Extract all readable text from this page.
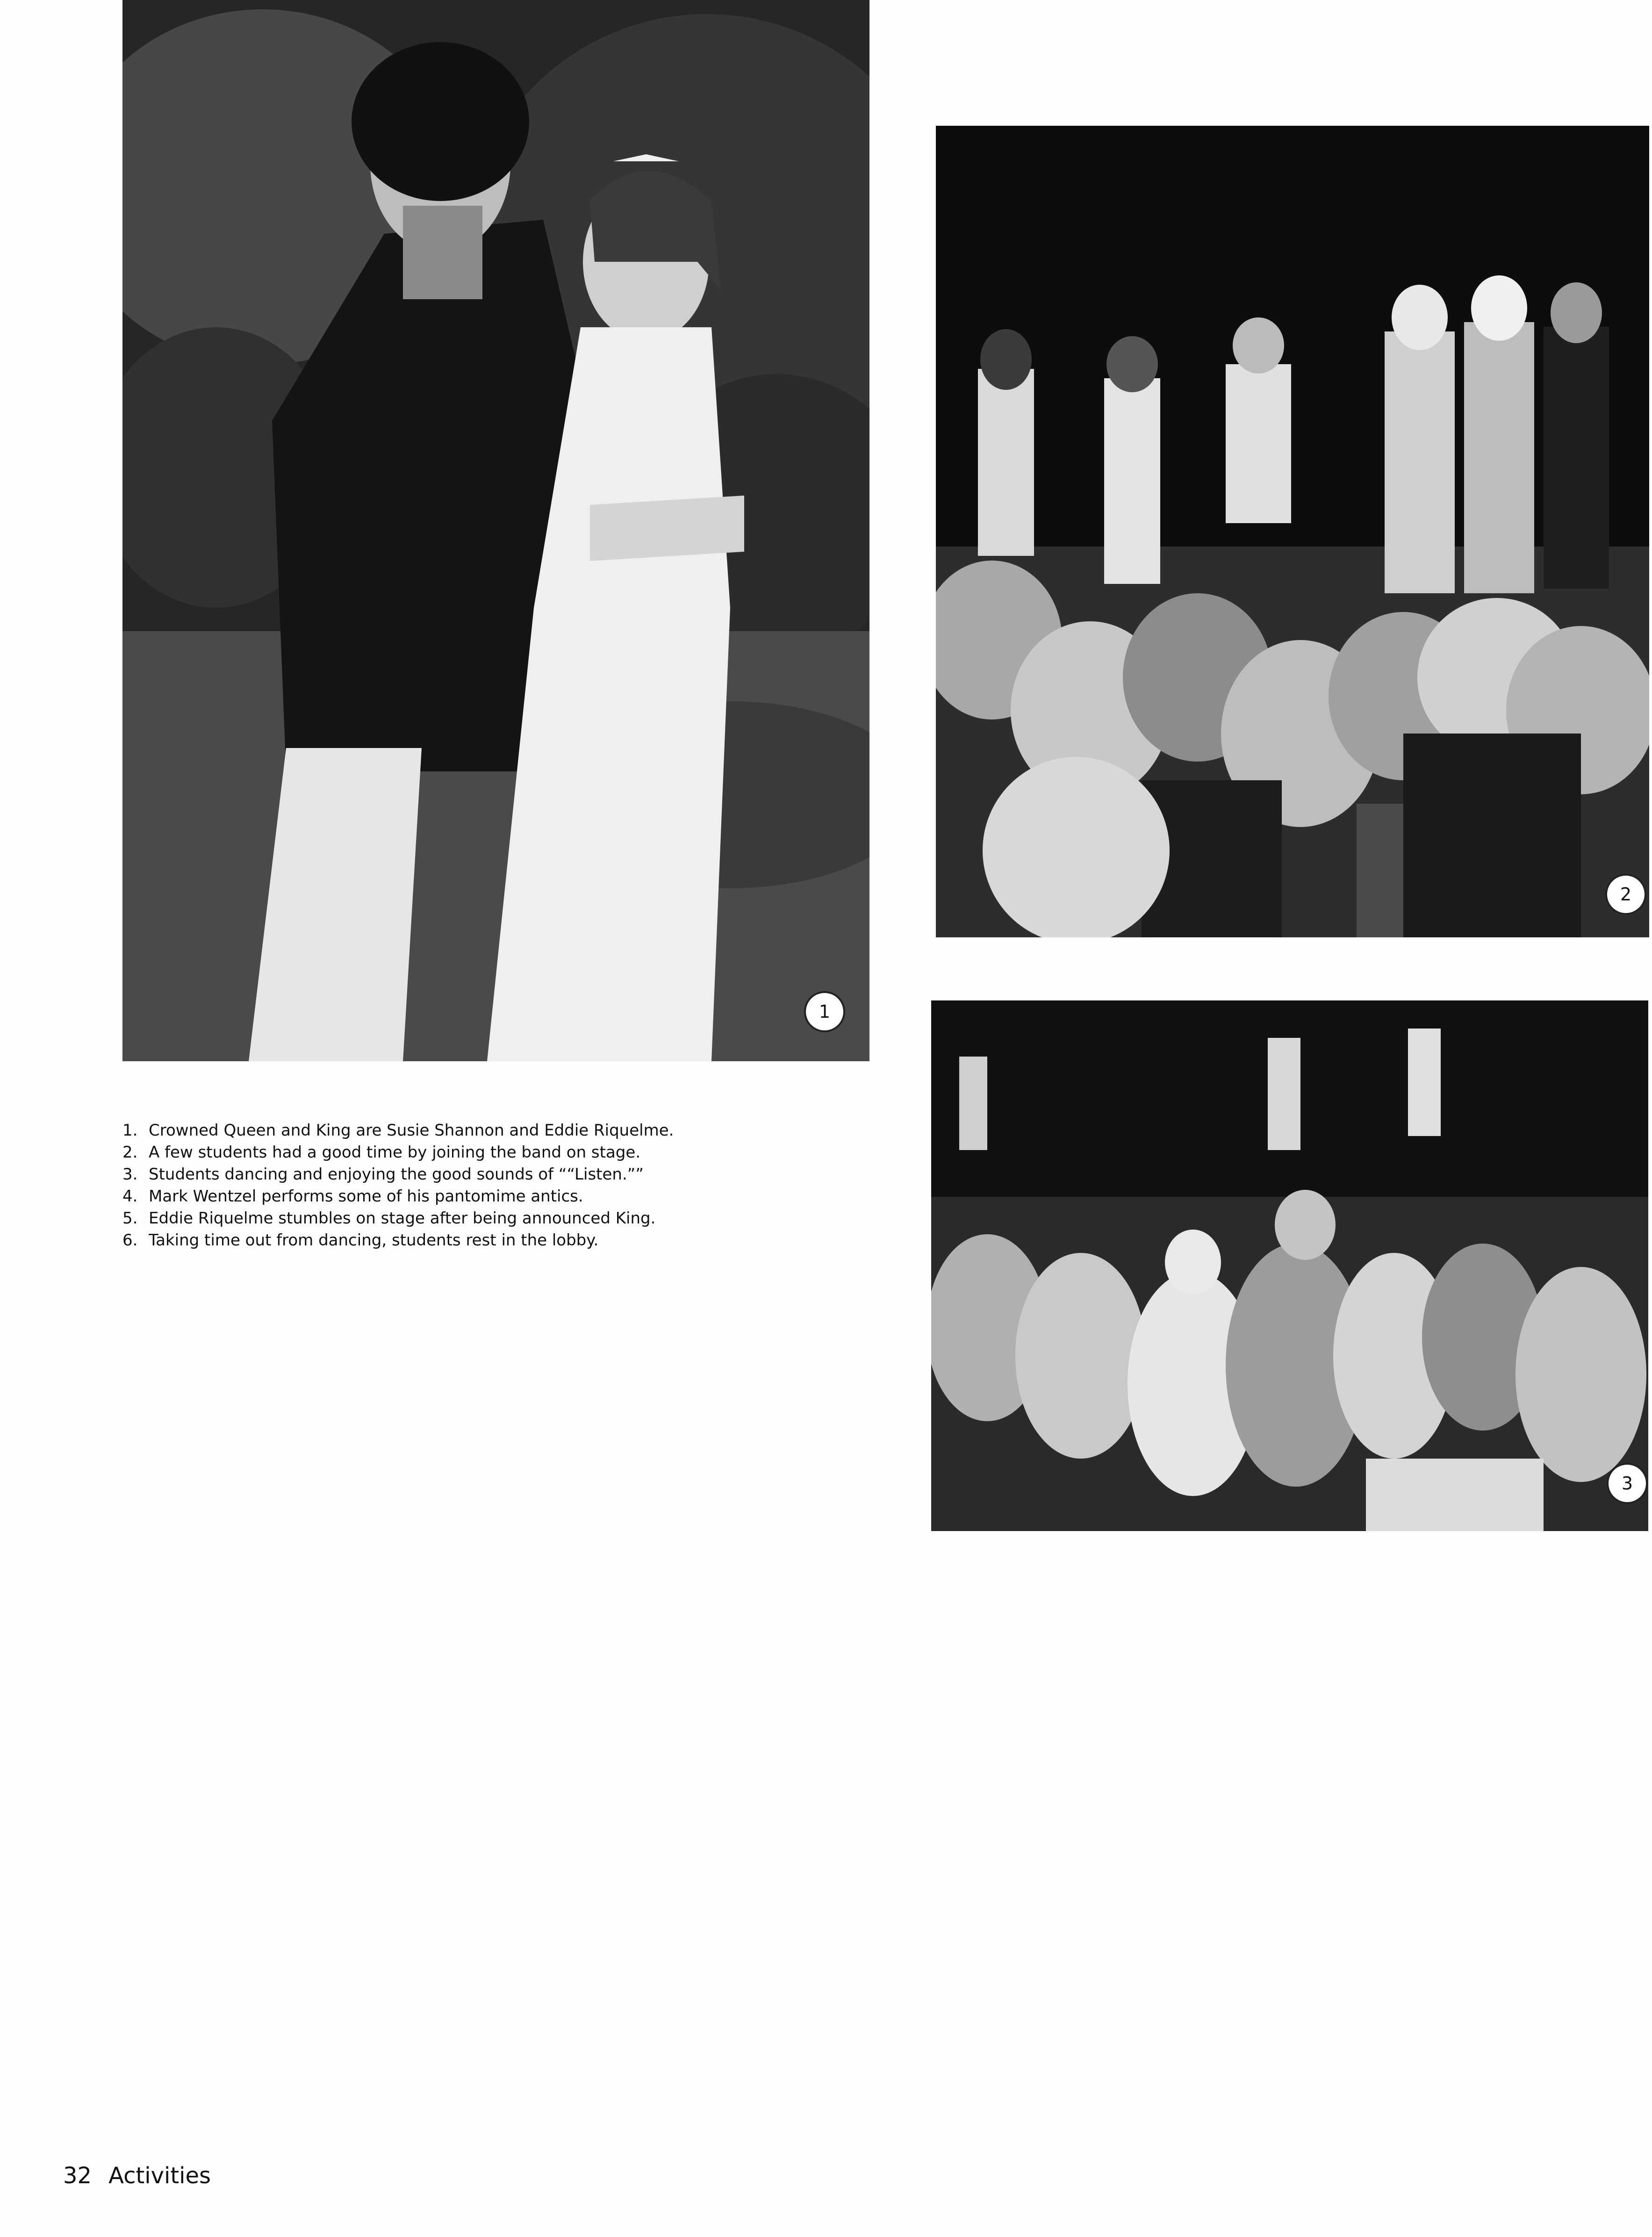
1
2
3
1. Crowned Queen and King are Susie Shannon and Eddie Riquelme.
2. A few students had a good time by joining the band on stage.
3. Students dancing and enjoying the good sounds of ““Listen.””
4. Mark Wentzel performs some of his pantomime antics.
5. Eddie Riquelme stumbles on stage after being announced King.
6. Taking time out from dancing, students rest in the lobby.
32 Activities
